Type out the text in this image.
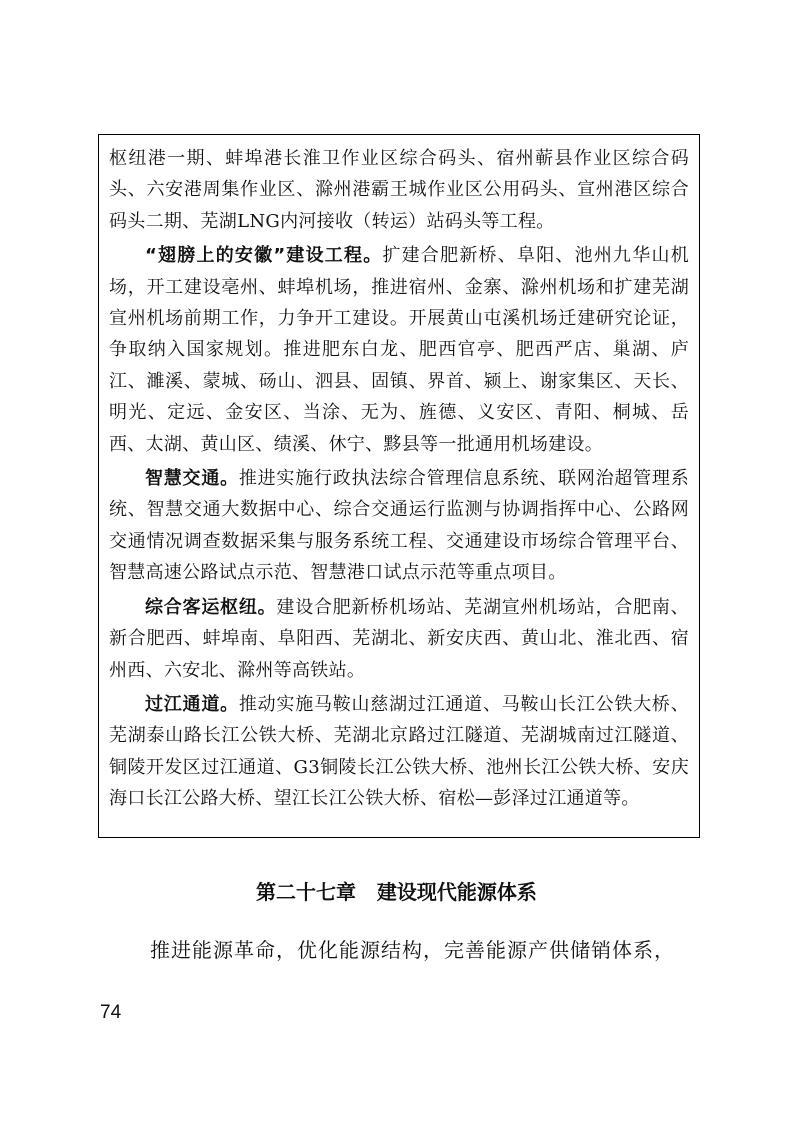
枢纽港一期、蚌埠港长淮卫作业区综合码头、宿州蕲县作业区综合码头、六安港周集作业区、滁州港霸王城作业区公用码头、宣州港区综合码头二期、芜湖LNG内河接收（转运）站码头等工程。

“翅膀上的安徽”建设工程。扩建合肥新桥、阜阳、池州九华山机场，开工建设亳州、蚌埠机场，推进宿州、金寨、滁州机场和扩建芜湖宣州机场前期工作，力争开工建设。开展黄山屯溪机场迁建研究论证，争取纳入国家规划。推进肥东白龙、肥西官亭、肥西严店、巢湖、庐江、濉溪、蒙城、砀山、泗县、固镇、界首、颍上、谢家集区、天长、明光、定远、金安区、当涂、无为、旌德、义安区、青阳、桐城、岳西、太湖、黄山区、绩溪、休宁、黟县等一批通用机场建设。

智慧交通。推进实施行政执法综合管理信息系统、联网治超管理系统、智慧交通大数据中心、综合交通运行监测与协调指挥中心、公路网交通情况调查数据采集与服务系统工程、交通建设市场综合管理平台、智慧高速公路试点示范、智慧港口试点示范等重点项目。

综合客运枢纽。建设合肥新桥机场站、芜湖宣州机场站，合肥南、新合肥西、蚌埠南、阜阳西、芜湖北、新安庆西、黄山北、淮北西、宿州西、六安北、滁州等高铁站。

过江通道。推动实施马鞍山慈湖过江通道、马鞍山长江公铁大桥、芜湖泰山路长江公铁大桥、芜湖北京路过江隧道、芜湖城南过江隧道、铜陵开发区过江通道、G3铜陵长江公铁大桥、池州长江公铁大桥、安庆海口长江公路大桥、望江长江公铁大桥、宿松—彭泽过江通道等。

第二十七章   建设现代能源体系

推进能源革命，优化能源结构，完善能源产供储销体系，

74
